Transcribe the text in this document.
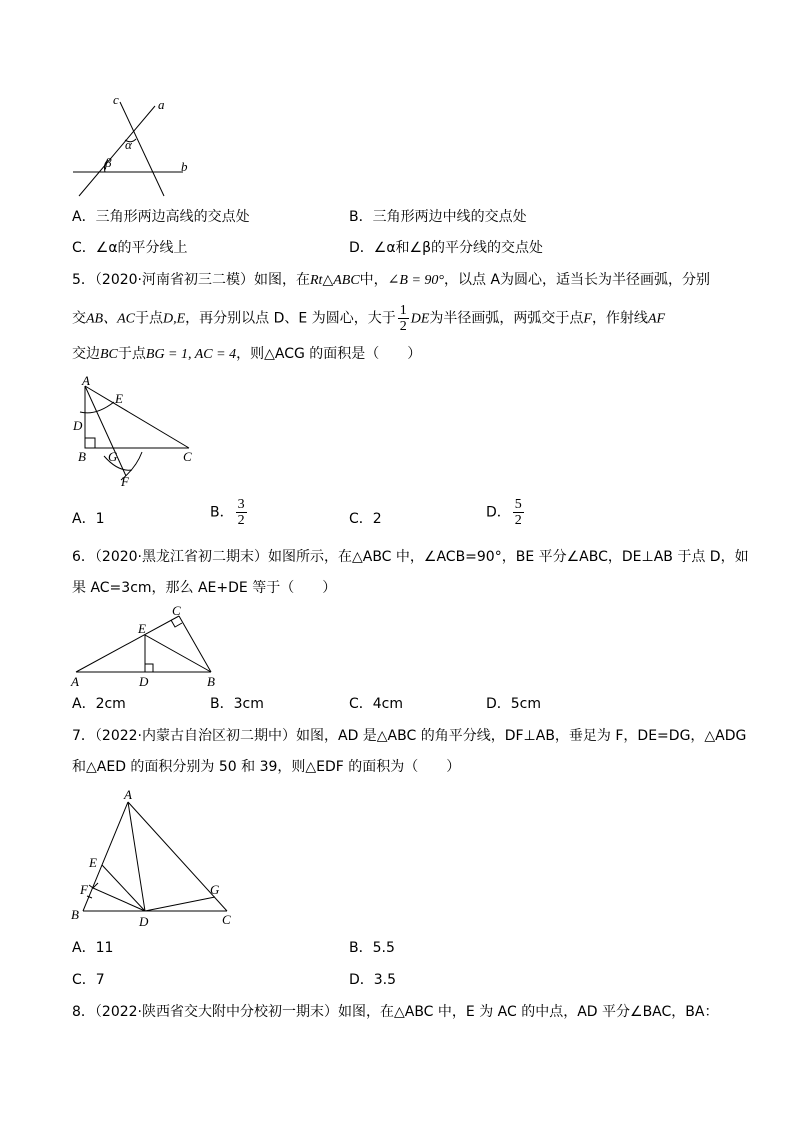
c	a
α
β	b
A．三角形两边高线的交点处	B．三角形两边中线的交点处
C．∠α的平分线上	D．∠α和∠β的平分线的交点处
5．（2020·河南省初三二模）如图，在Rt△ABC中，∠B = 90°，以点 A为圆心，适当长为半径画弧，分别
交AB、AC于点D,E，再分别以点 D、E 为圆心，大于 $\frac{1}{2}$ DE为半径画弧，两弧交于点F，作射线AF
交边BC于点BG = 1, AC = 4，则△ACG 的面积是（　　）
A
E
D
B G	C
F
A．1	B． $\frac{3}{2}$	C．2	D． $\frac{5}{2}$
6．（2020·黑龙江省初二期末）如图所示，在△ABC 中，∠ACB=90°，BE 平分∠ABC，DE⊥AB 于点 D，如
果 AC=3cm，那么 AE+DE 等于（　　）
C
E
A	D	B
A．2cm	B．3cm	C．4cm	D．5cm
7．（2022·内蒙古自治区初二期中）如图，AD 是△ABC 的角平分线，DF⊥AB，垂足为 F，DE=DG，△ADG
和△AED 的面积分别为 50 和 39，则△EDF 的面积为（　　）
A
E
F
B	D
G
C
A．11	B．5.5
C．7	D．3.5
8．（2022·陕西省交大附中分校初一期末）如图，在△ABC 中，E 为 AC 的中点，AD 平分∠BAC，BA：
